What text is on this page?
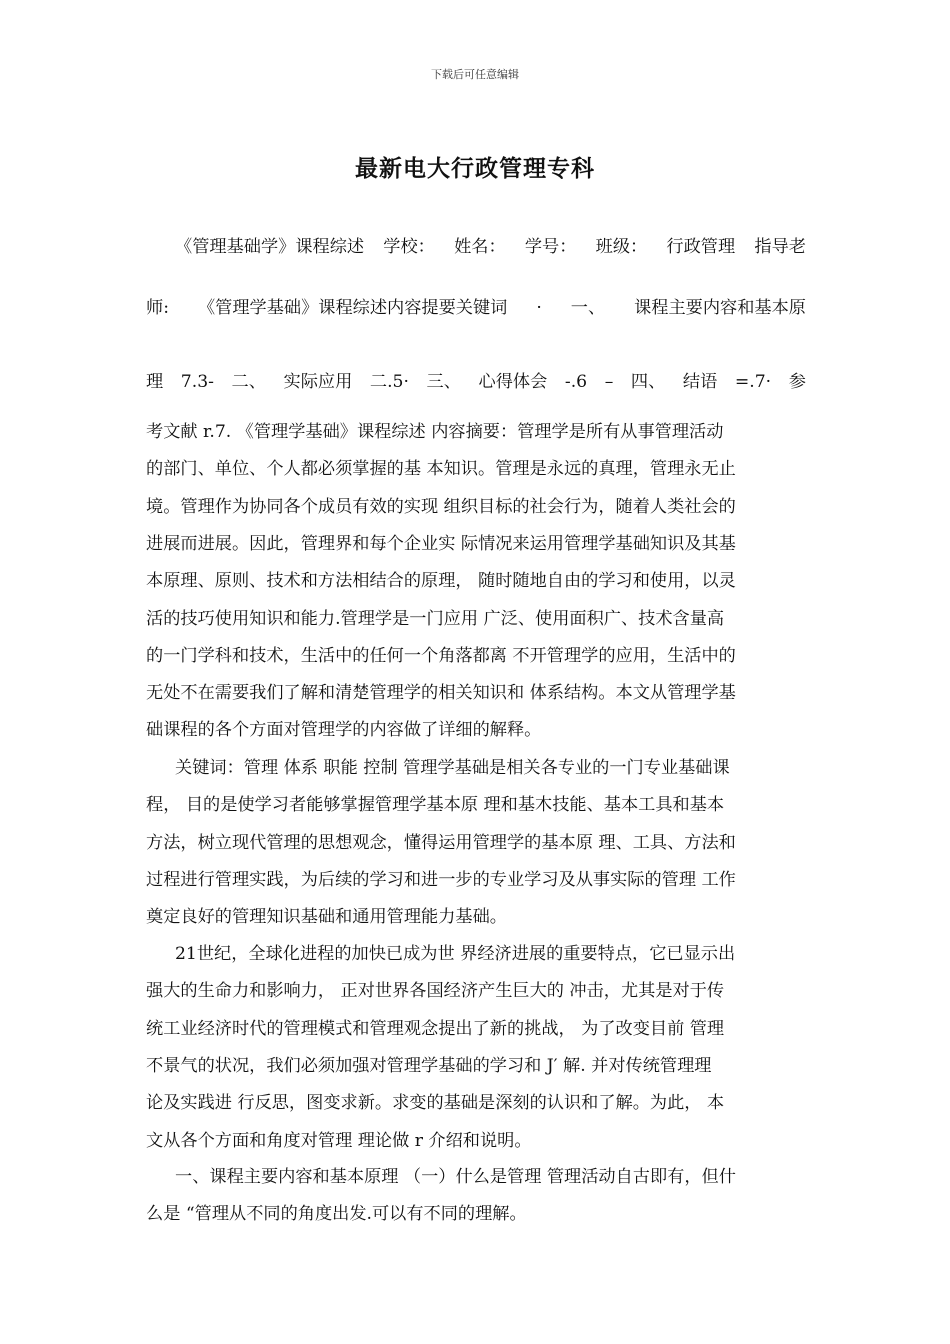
下载后可任意编辑
最新电大行政管理专科
《管理基础学》课程综述 学校： 姓名： 学号： 班级： 行政管理 指导老
师: 《管理学基础》课程综述内容提要关键词 · 一、 课程主要内容和基本原
理 7.3- 二、 实际应用 二.5· 三、 心得体会 -.6 – 四、 结语 =.7· 参
考文献 r.7. 《管理学基础》课程综述 内容摘要：管理学是所有从事管理活动
的部门、单位、个人都必须掌握的基 本知识。管理是永远的真理，管理永无止
境。管理作为协同各个成员有效的实现 组织目标的社会行为，随着人类社会的
进展而进展。因此，管理界和每个企业实 际情况来运用管理学基础知识及其基
本原理、原则、技术和方法相结合的原理， 随时随地自由的学习和使用，以灵
活的技巧使用知识和能力.管理学是一门应用 广泛、使用面积广、技术含量高
的一门学科和技术，生活中的任何一个角落都离 不开管理学的应用，生活中的
无处不在需要我们了解和清楚管理学的相关知识和 体系结构。本文从管理学基
础课程的各个方面对管理学的内容做了详细的解释。
关键词：管理 体系 职能 控制 管理学基础是相关各专业的一门专业基础课
程， 目的是使学习者能够掌握管理学基本原 理和基木技能、基本工具和基本
方法，树立现代管理的思想观念，懂得运用管理学的基本原 理、工具、方法和
过程进行管理实践，为后续的学习和进一步的专业学习及从事实际的管理 工作
奠定良好的管理知识基础和通用管理能力基础。
21世纪，全球化进程的加快已成为世 界经济进展的重要特点，它已显示出
强大的生命力和影响力， 正对世界各国经济产生巨大的 冲击，尤其是对于传
统工业经济时代的管理模式和管理观念提出了新的挑战， 为了改变目前 管理
不景气的状况，我们必须加强对管理学基础的学习和 J′ 解. 并对传统管理理
论及实践进 行反思，图变求新。求变的基础是深刻的认识和了解。为此， 本
文从各个方面和角度对管理 理论做 r 介绍和说明。
一、课程主要内容和基本原理 （一）什么是管理 管理活动自古即有，但什
么是 “管理从不同的角度出发.可以有不同的理解。
